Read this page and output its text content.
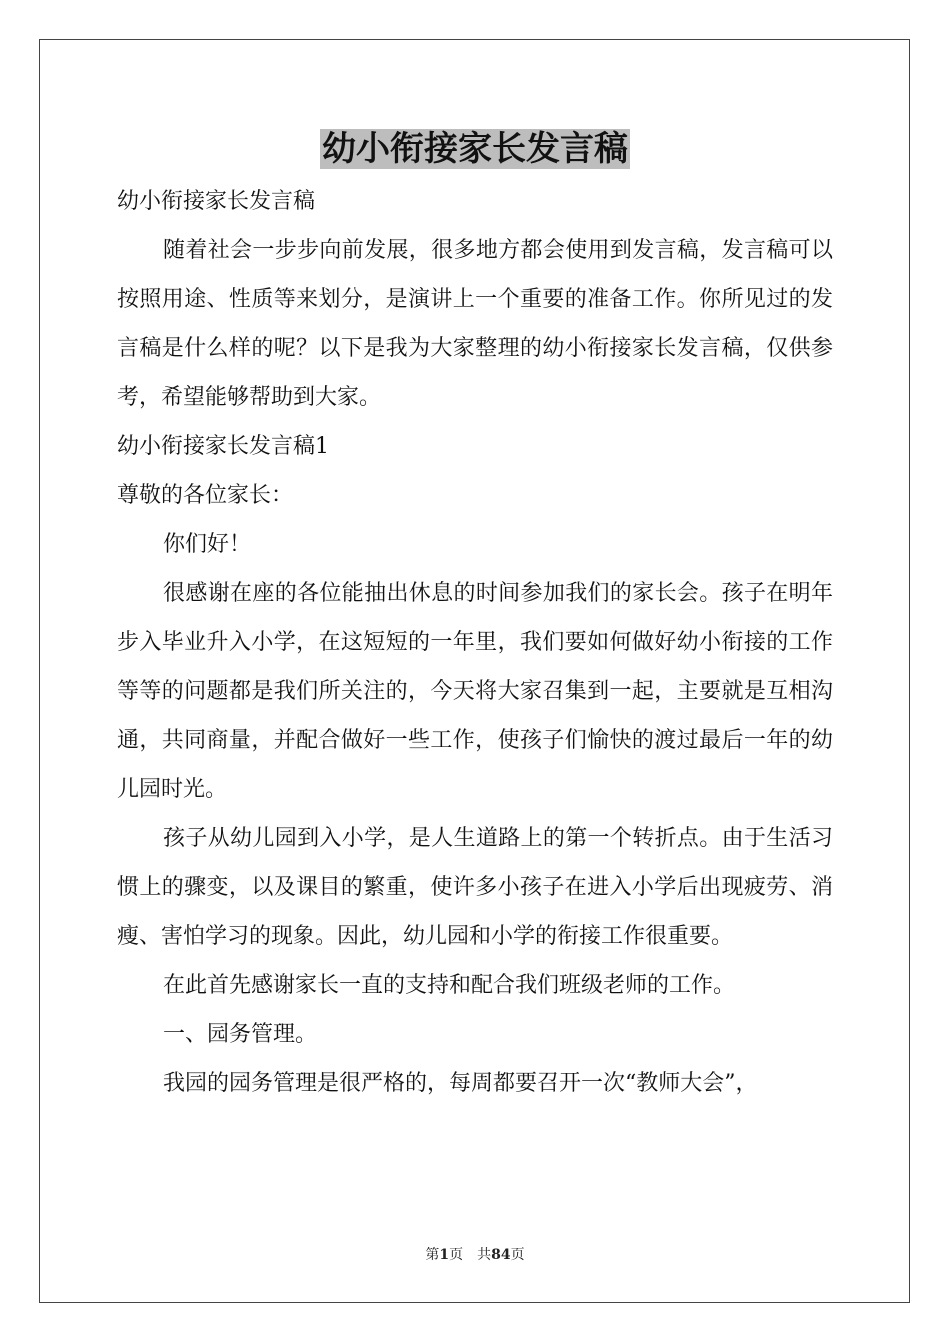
幼小衔接家长发言稿

幼小衔接家长发言稿

随着社会一步步向前发展，很多地方都会使用到发言稿，发言稿可以按照用途、性质等来划分，是演讲上一个重要的准备工作。你所见过的发言稿是什么样的呢？以下是我为大家整理的幼小衔接家长发言稿，仅供参考，希望能够帮助到大家。

幼小衔接家长发言稿1

尊敬的各位家长：

你们好！

很感谢在座的各位能抽出休息的时间参加我们的家长会。孩子在明年步入毕业升入小学，在这短短的一年里，我们要如何做好幼小衔接的工作等等的问题都是我们所关注的，今天将大家召集到一起，主要就是互相沟通，共同商量，并配合做好一些工作，使孩子们愉快的渡过最后一年的幼儿园时光。

孩子从幼儿园到入小学，是人生道路上的第一个转折点。由于生活习惯上的骤变，以及课目的繁重，使许多小孩子在进入小学后出现疲劳、消瘦、害怕学习的现象。因此，幼儿园和小学的衔接工作很重要。

在此首先感谢家长一直的支持和配合我们班级老师的工作。

一、园务管理。

我园的园务管理是很严格的，每周都要召开一次“教师大会”，

第1页 共84页
